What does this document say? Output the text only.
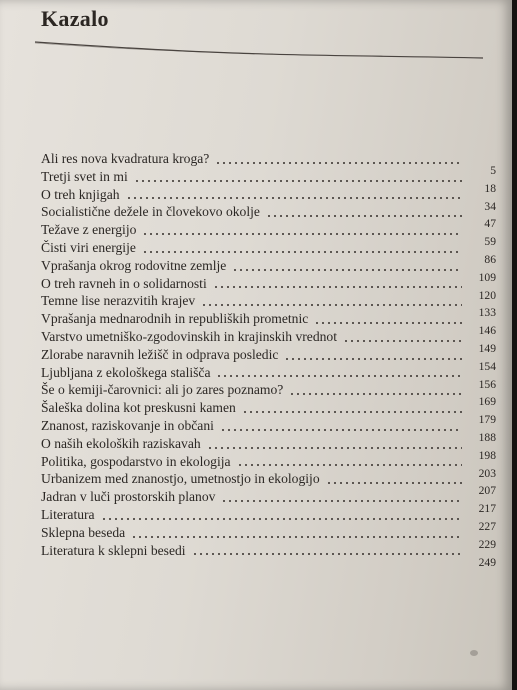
Kazalo
Ali res nova kvadratura kroga?
5
Tretji svet in mi
18
O treh knjigah
34
Socialistične dežele in človekovo okolje
47
Težave z energijo
59
Čisti viri energije
86
Vprašanja okrog rodovitne zemlje
109
O treh ravneh in o solidarnosti
120
Temne lise nerazvitih krajev
133
Vprašanja mednarodnih in republiških prometnic
146
Varstvo umetniško-zgodovinskih in krajinskih vrednot
149
Zlorabe naravnih ležišč in odprava posledic
154
Ljubljana z ekološkega stališča
156
Še o kemiji-čarovnici: ali jo zares poznamo?
169
Šaleška dolina kot preskusni kamen
179
Znanost, raziskovanje in občani
188
O naših ekoloških raziskavah
198
Politika, gospodarstvo in ekologija
203
Urbanizem med znanostjo, umetnostjo in ekologijo
207
Jadran v luči prostorskih planov
217
Literatura
227
Sklepna beseda
229
Literatura k sklepni besedi
249
